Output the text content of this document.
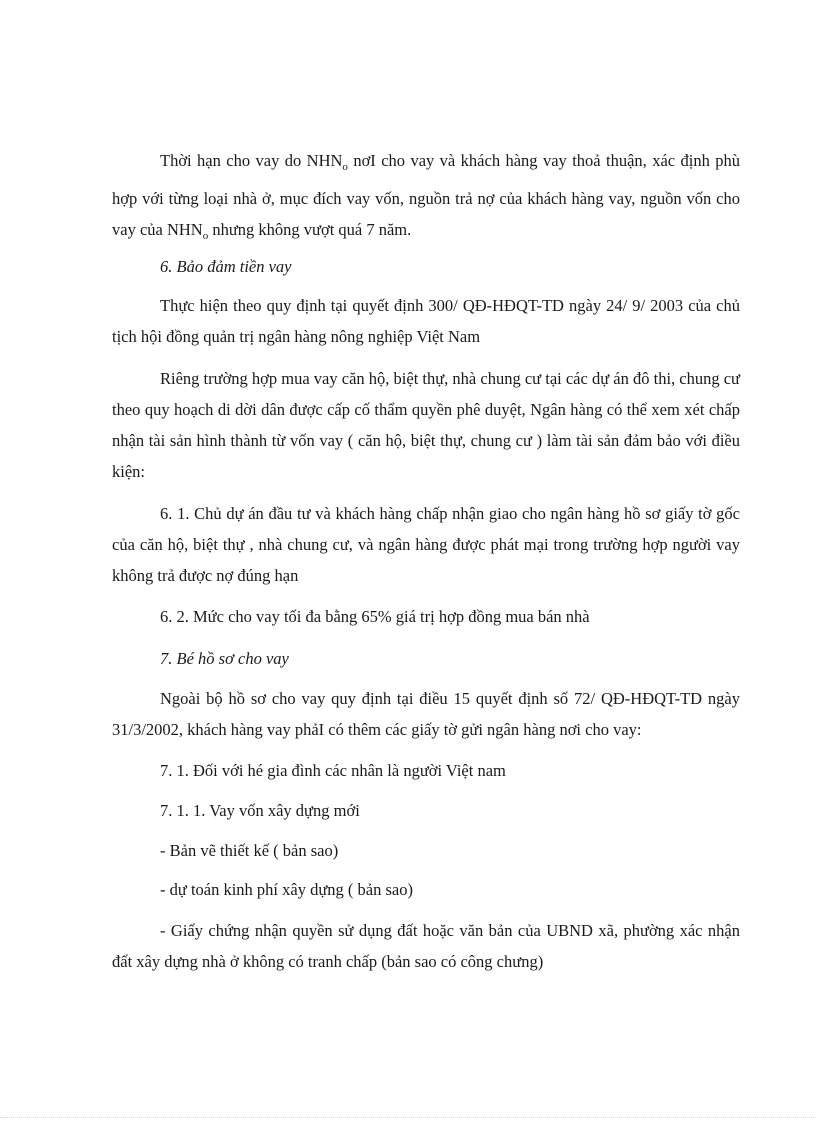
Thời hạn cho vay do $NHN_o$ nơI cho vay và khách hàng vay thoả thuận, xác định phù hợp với từng loại nhà ở, mục đích vay vốn, nguồn trả nợ của khách hàng vay, nguồn vốn cho vay của $NHN_o$ nhưng không vượt quá 7 năm.

6. Bảo đảm tiền vay

Thực hiện theo quy định tại quyết định 300/ QĐ-HĐQT-TD ngày 24/ 9/ 2003 của chủ tịch hội đồng quản trị ngân hàng nông nghiệp Việt Nam

Riêng trường hợp mua vay căn hộ, biệt thự, nhà chung cư tại các dự án đô thi, chung cư theo quy hoạch di dời dân được cấp cố thẩm quyền phê duyệt, Ngân hàng có thể xem xét chấp nhận tài sản hình thành từ vốn vay ( căn hộ, biệt thự, chung cư ) làm tài sản đảm bảo với điều kiện:

6. 1. Chủ dự án đầu tư và khách hàng chấp nhận giao cho ngân hàng hồ sơ giấy tờ gốc của căn hộ, biệt thự , nhà chung cư, và ngân hàng được phát mại trong trường hợp người vay không trả được nợ đúng hạn

6. 2. Mức cho vay tối đa bằng 65% giá trị hợp đồng mua bán nhà

7. Bé hồ sơ cho vay

Ngoài bộ hồ sơ cho vay quy định tại điều 15 quyết định số 72/ QĐ-HĐQT-TD ngày 31/3/2002, khách hàng vay phảI có thêm các giấy tờ gửi ngân hàng nơi cho vay:

7. 1. Đối với hé gia đình các nhân là người Việt nam

7. 1. 1. Vay vốn xây dựng mới

- Bản vẽ thiết kế ( bản sao)

- dự toán kinh phí xây dựng ( bản sao)

- Giấy chứng nhận quyền sử dụng đất hoặc văn bản của UBND xã, phường xác nhận đất xây dựng nhà ở không có tranh chấp (bản sao có công chưng)
